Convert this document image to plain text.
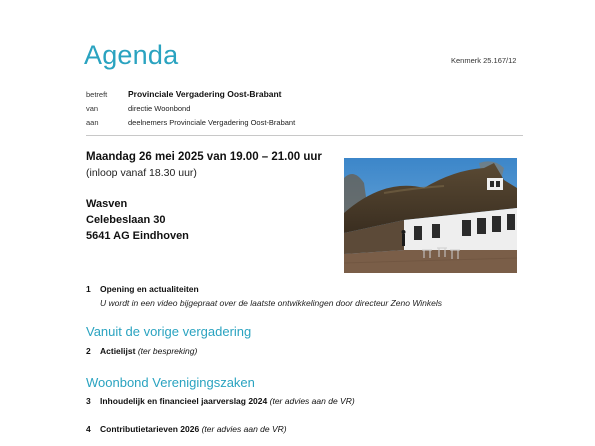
Agenda	Kenmerk 25.167/12
betreft	Provinciale Vergadering Oost-Brabant
van	directie Woonbond
aan	deelnemers Provinciale Vergadering Oost-Brabant
Maandag 26 mei 2025 van 19.00 – 21.00 uur
(inloop vanaf 18.30 uur)
Wasven
Celebeslaan 30
5641 AG Eindhoven
1	Opening en actualiteiten
U wordt in een video bijgepraat over de laatste ontwikkelingen door directeur Zeno Winkels
Vanuit de vorige vergadering
2	Actielijst (ter bespreking)
Woonbond Verenigingszaken
3	Inhoudelijk en financieel jaarverslag 2024 (ter advies aan de VR)
4	Contributietarieven 2026 (ter advies aan de VR)
